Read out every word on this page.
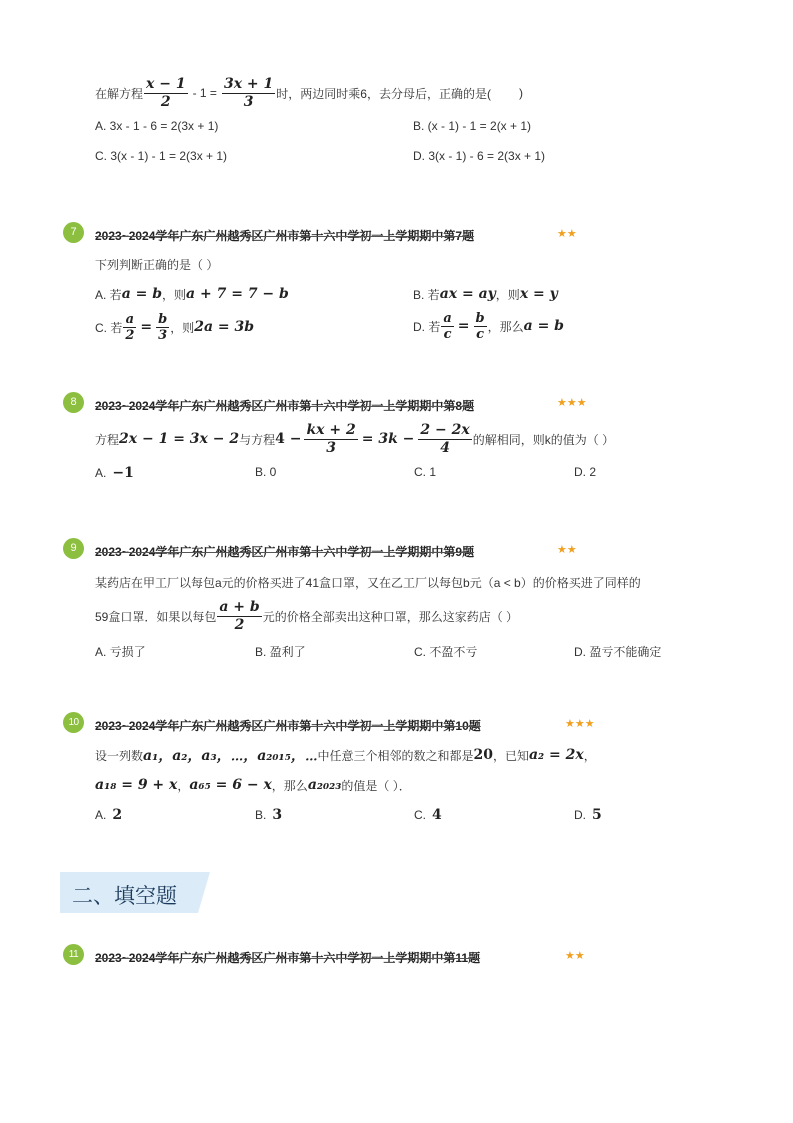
在解方程 $\frac{x - 1}{2} - 1 = \frac{3x + 1}{3}$ 时，两边同时乘6，去分母后，正确的是( )
A. 3x - 1 - 6 = 2(3x + 1)	B. (x - 1) - 1 = 2(x + 1)
C. 3(x - 1) - 1 = 2(3x + 1)	D. 3(x - 1) - 6 = 2(3x + 1)
7	2023~2024学年广东广州越秀区广州市第十六中学初一上学期期中第7题	★★
下列判断正确的是（ ）
A. 若 a = b ，则 a + 7 = 7 − b	B. 若 ax = ay ，则 x = y
C. 若 $\frac{a}{2} = \frac{b}{3}$ ，则 2a = 3b	D. 若 $\frac{a}{c} = \frac{b}{c}$ ，那么 a = b
8	2023~2024学年广东广州越秀区广州市第十六中学初一上学期期中第8题	★★★
方程 2x − 1 = 3x − 2 与方程 $4 - \frac{kx + 2}{3} = 3k - \frac{2 - 2x}{4}$ 的解相同，则k的值为（ ）
A. −1	B. 0	C. 1	D. 2
9	2023~2024学年广东广州越秀区广州市第十六中学初一上学期期中第9题	★★
某药店在甲工厂以每包a元的价格买进了41盒口罩，又在乙工厂以每包b元（a < b）的价格买进了同样的
59盒口罩．如果以每包 $\frac{a + b}{2}$ 元的价格全部卖出这种口罩，那么这家药店（ ）
A. 亏损了	B. 盈利了	C. 不盈不亏	D. 盈亏不能确定
10	2023~2024学年广东广州越秀区广州市第十六中学初一上学期期中第10题	★★★
设一列数 a₁，a₂，a₃，⋯，a₂₀₁₅，⋯ 中任意三个相邻的数之和都是 20 ，已知 a₂ = 2x ，
a₁₈ = 9 + x ， a₆₅ = 6 − x ，那么 a₂₀₂₃ 的值是（ ）．
A. 2	B. 3	C. 4	D. 5
二、填空题
11	2023~2024学年广东广州越秀区广州市第十六中学初一上学期期中第11题	★★
